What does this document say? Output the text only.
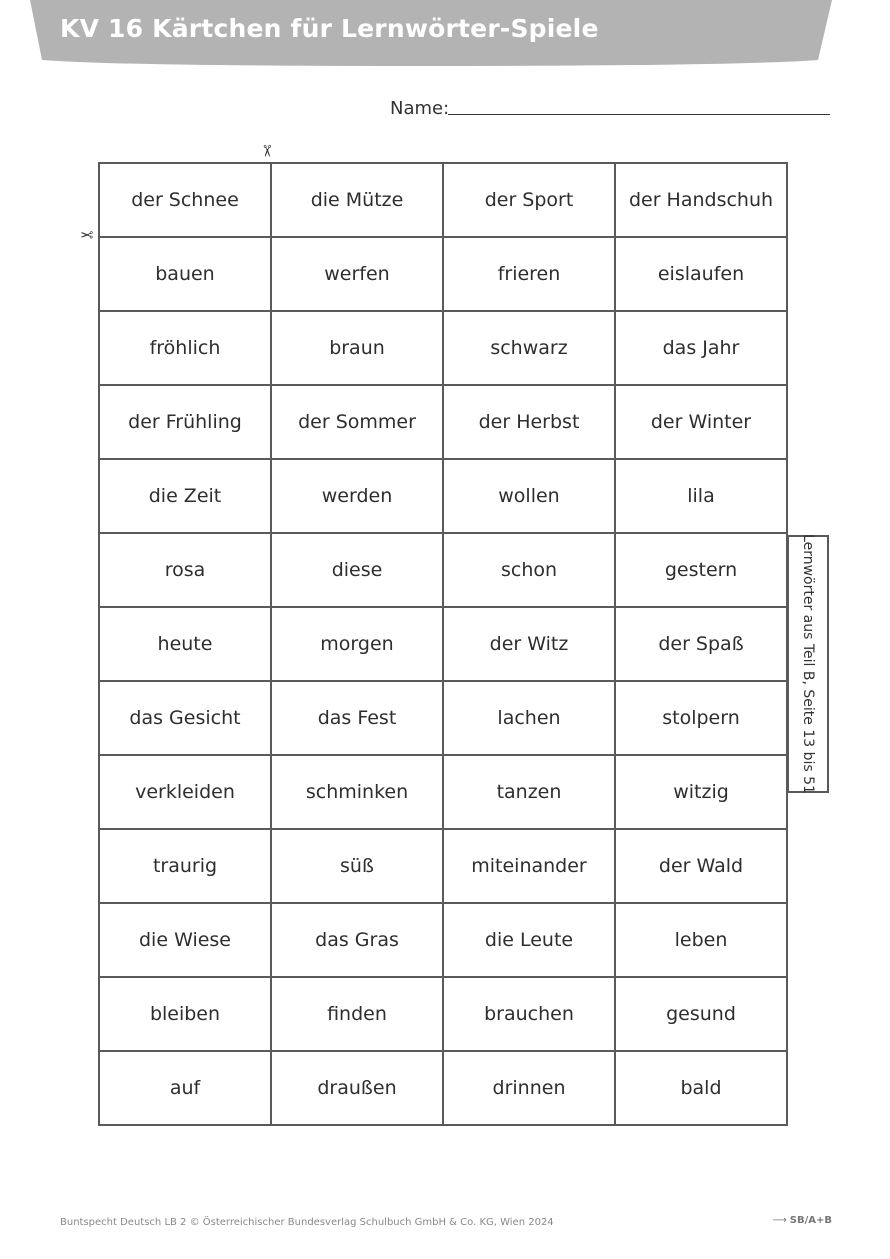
KV 16 Kärtchen für Lernwörter-Spiele
Name:
✂
✂
der Schnee	die Mütze	der Sport	der Handschuh
bauen	werfen	frieren	eislaufen
fröhlich	braun	schwarz	das Jahr
der Frühling	der Sommer	der Herbst	der Winter
die Zeit	werden	wollen	lila
rosa	diese	schon	gestern
heute	morgen	der Witz	der Spaß
das Gesicht	das Fest	lachen	stolpern
verkleiden	schminken	tanzen	witzig
traurig	süß	miteinander	der Wald
die Wiese	das Gras	die Leute	leben
bleiben	finden	brauchen	gesund
auf	draußen	drinnen	bald
Lernwörter aus Teil B, Seite 13 bis 51
Buntspecht Deutsch LB 2 © Österreichischer Bundesverlag Schulbuch GmbH & Co. KG, Wien 2024	⟶ SB/A+B
